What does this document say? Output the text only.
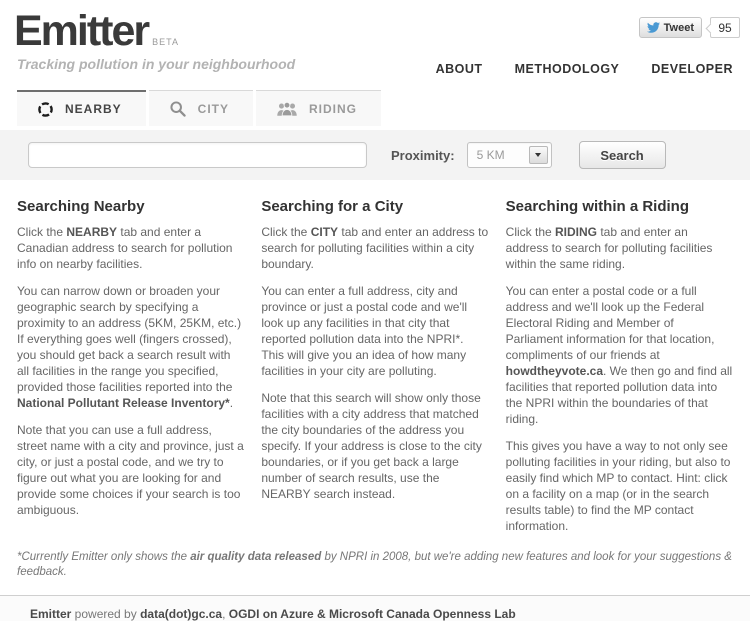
Emitter BETA
Tracking pollution in your neighbourhood
Tweet	95
ABOUT	METHODOLOGY	DEVELOPER
NEARBY	CITY	RIDING
Proximity:	5 KM	Search
Searching Nearby

Click the NEARBY tab and enter a Canadian address to search for pollution info on nearby facilities.

You can narrow down or broaden your geographic search by specifying a proximity to an address (5KM, 25KM, etc.) If everything goes well (fingers crossed), you should get back a search result with all facilities in the range you specified, provided those facilities reported into the National Pollutant Release Inventory*.

Note that you can use a full address, street name with a city and province, just a city, or just a postal code, and we try to figure out what you are looking for and provide some choices if your search is too ambiguous.

Searching for a City

Click the CITY tab and enter an address to search for polluting facilities within a city boundary.

You can enter a full address, city and province or just a postal code and we'll look up any facilities in that city that reported pollution data into the NPRI*. This will give you an idea of how many facilities in your city are polluting.

Note that this search will show only those facilities with a city address that matched the city boundaries of the address you specify. If your address is close to the city boundaries, or if you get back a large number of search results, use the NEARBY search instead.

Searching within a Riding

Click the RIDING tab and enter an address to search for polluting facilities within the same riding.

You can enter a postal code or a full address and we'll look up the Federal Electoral Riding and Member of Parliament information for that location, compliments of our friends at howdtheyvote.ca. We then go and find all facilities that reported pollution data into the NPRI within the boundaries of that riding.

This gives you have a way to not only see polluting facilities in your riding, but also to easily find which MP to contact. Hint: click on a facility on a map (or in the search results table) to find the MP contact information.

*Currently Emitter only shows the air quality data released by NPRI in 2008, but we're adding new features and look for your suggestions & feedback.
Emitter powered by data(dot)gc.ca, OGDI on Azure & Microsoft Canada Openness Lab
